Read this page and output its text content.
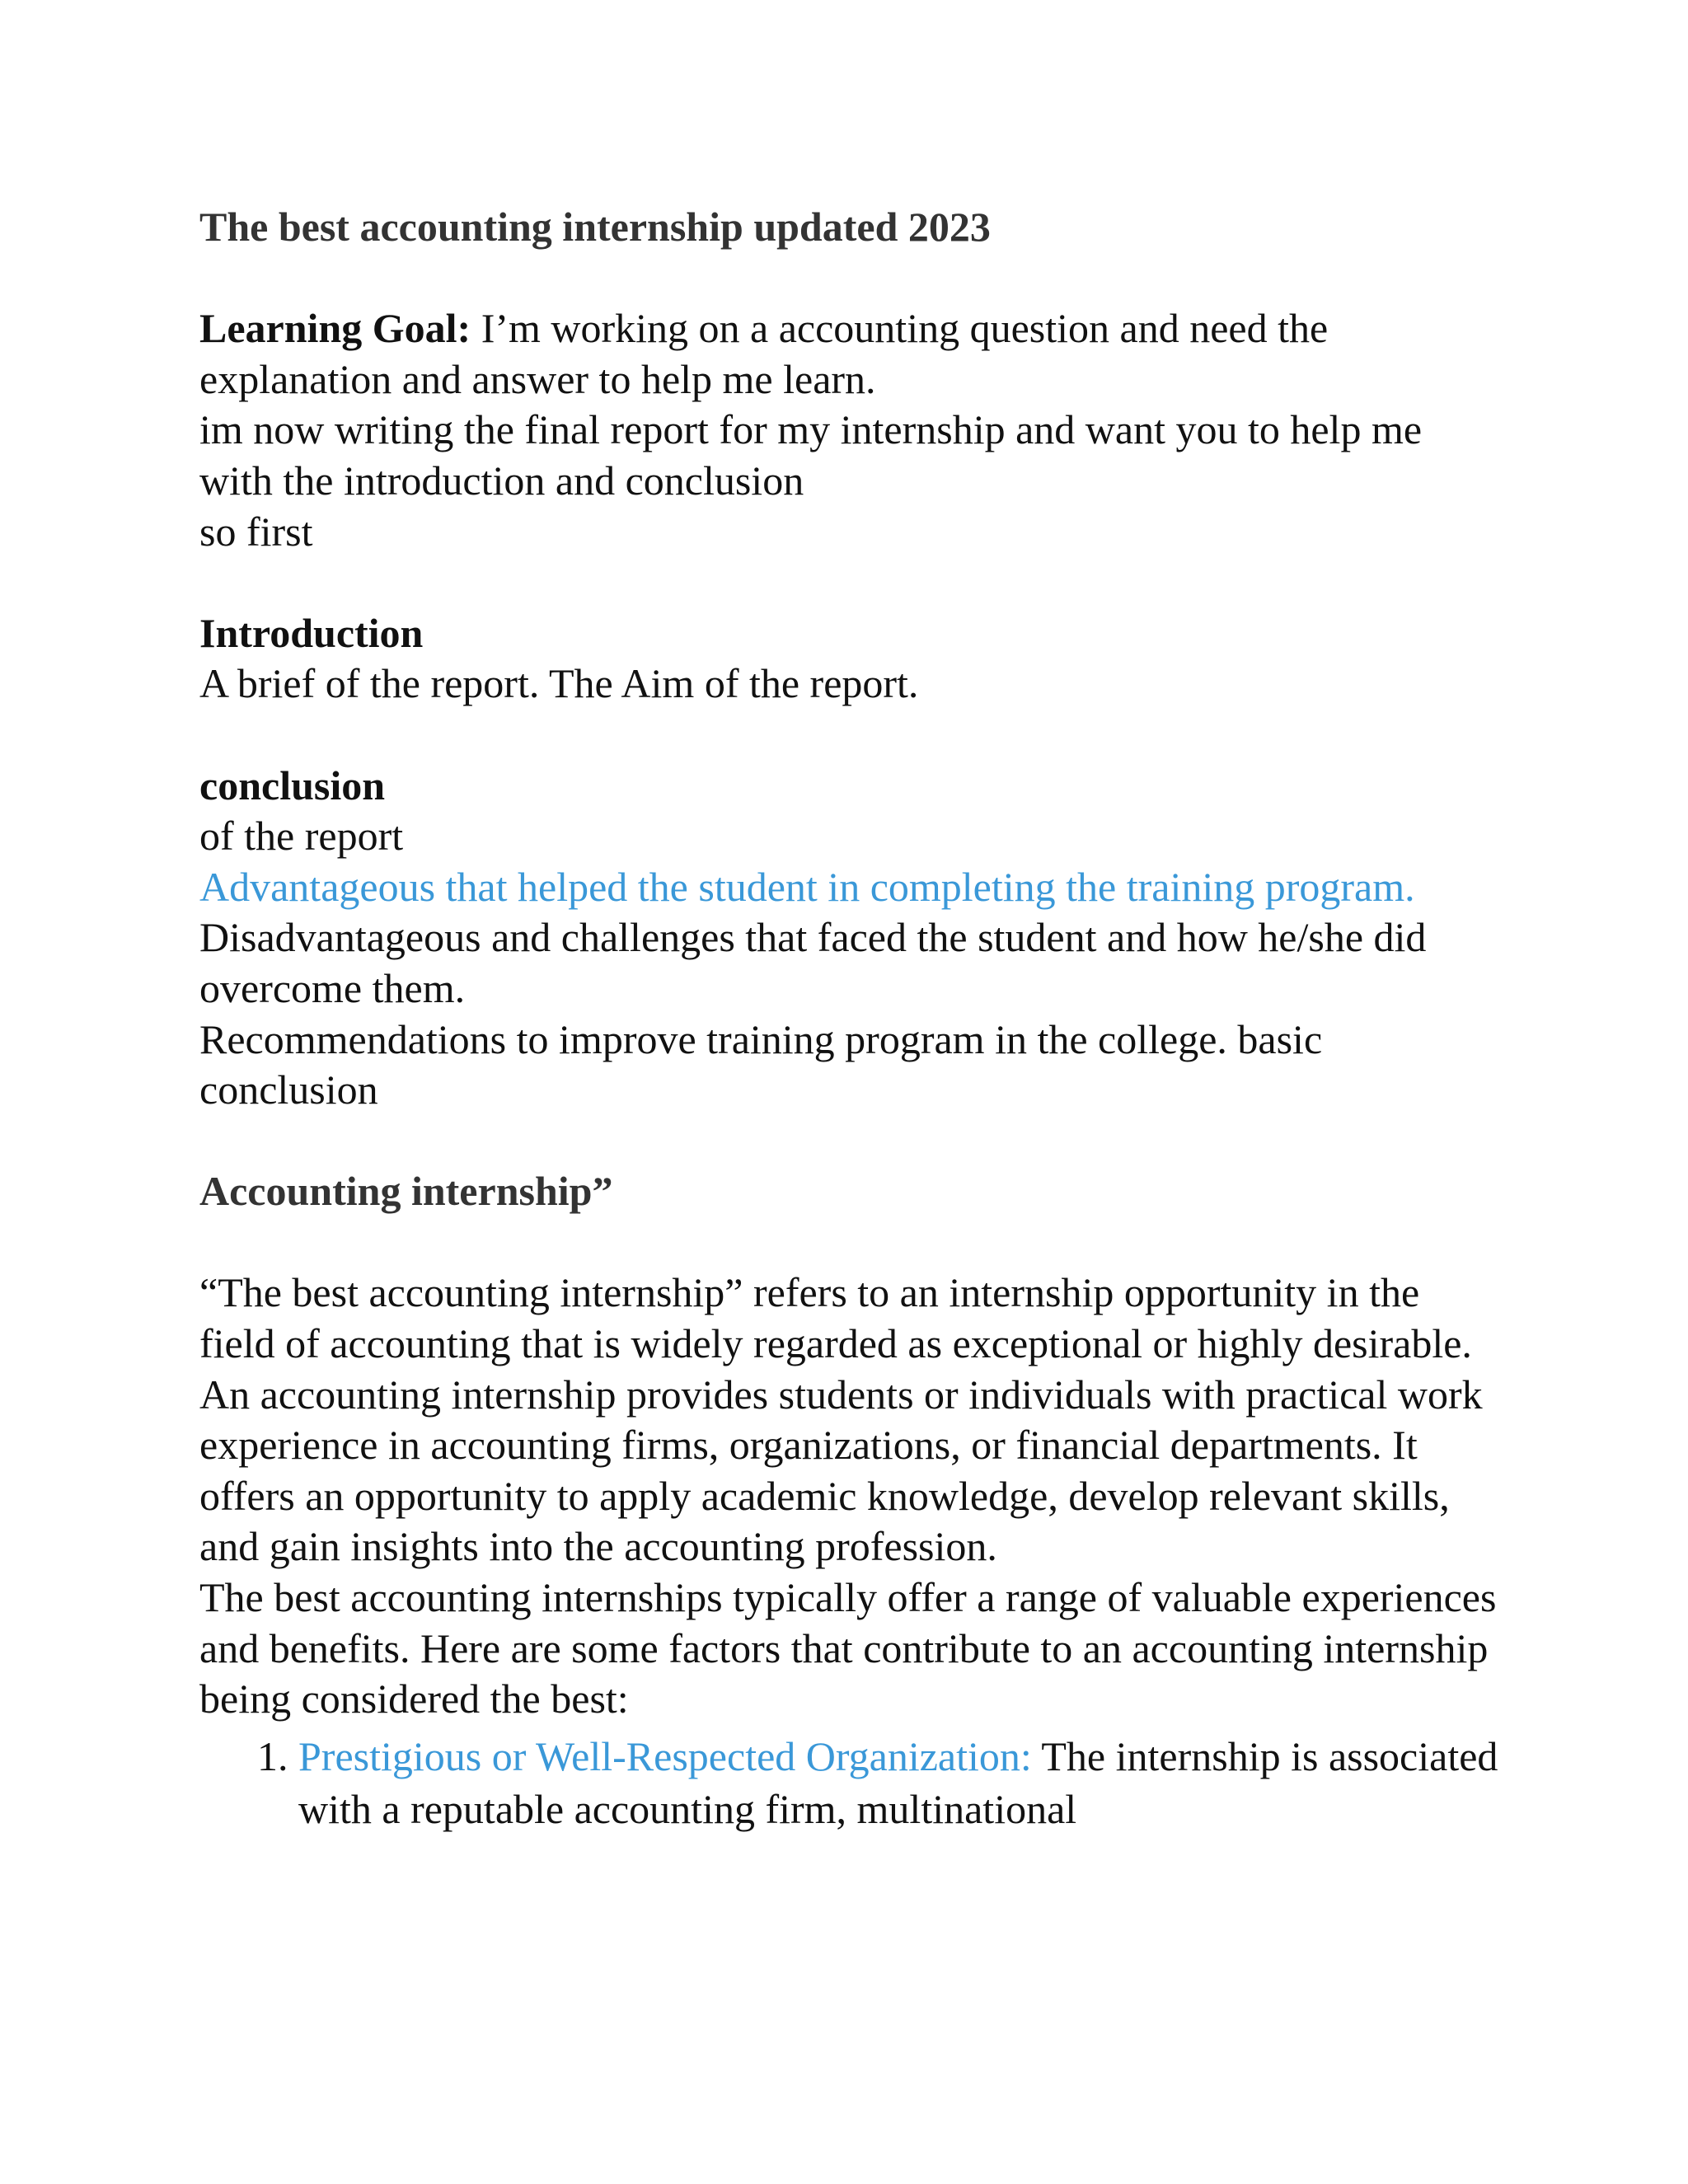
The best accounting internship updated 2023

Learning Goal: I’m working on a accounting question and need the explanation and answer to help me learn.

im now writing the final report for my internship and want you to help me with the introduction and conclusion

so first

Introduction

A brief of the report. The Aim of the report.

conclusion

of the report

Advantageous that helped the student in completing the training program.

Disadvantageous and challenges that faced the student and how he/she did overcome them.

Recommendations to improve training program in the college. basic conclusion

Accounting internship”

“The best accounting internship” refers to an internship opportunity in the field of accounting that is widely regarded as exceptional or highly desirable. An accounting internship provides students or individuals with practical work experience in accounting firms, organizations, or financial departments. It offers an opportunity to apply academic knowledge, develop relevant skills, and gain insights into the accounting profession.

The best accounting internships typically offer a range of valuable experiences and benefits. Here are some factors that contribute to an accounting internship being considered the best:

1. Prestigious or Well-Respected Organization: The internship is associated with a reputable accounting firm, multinational
